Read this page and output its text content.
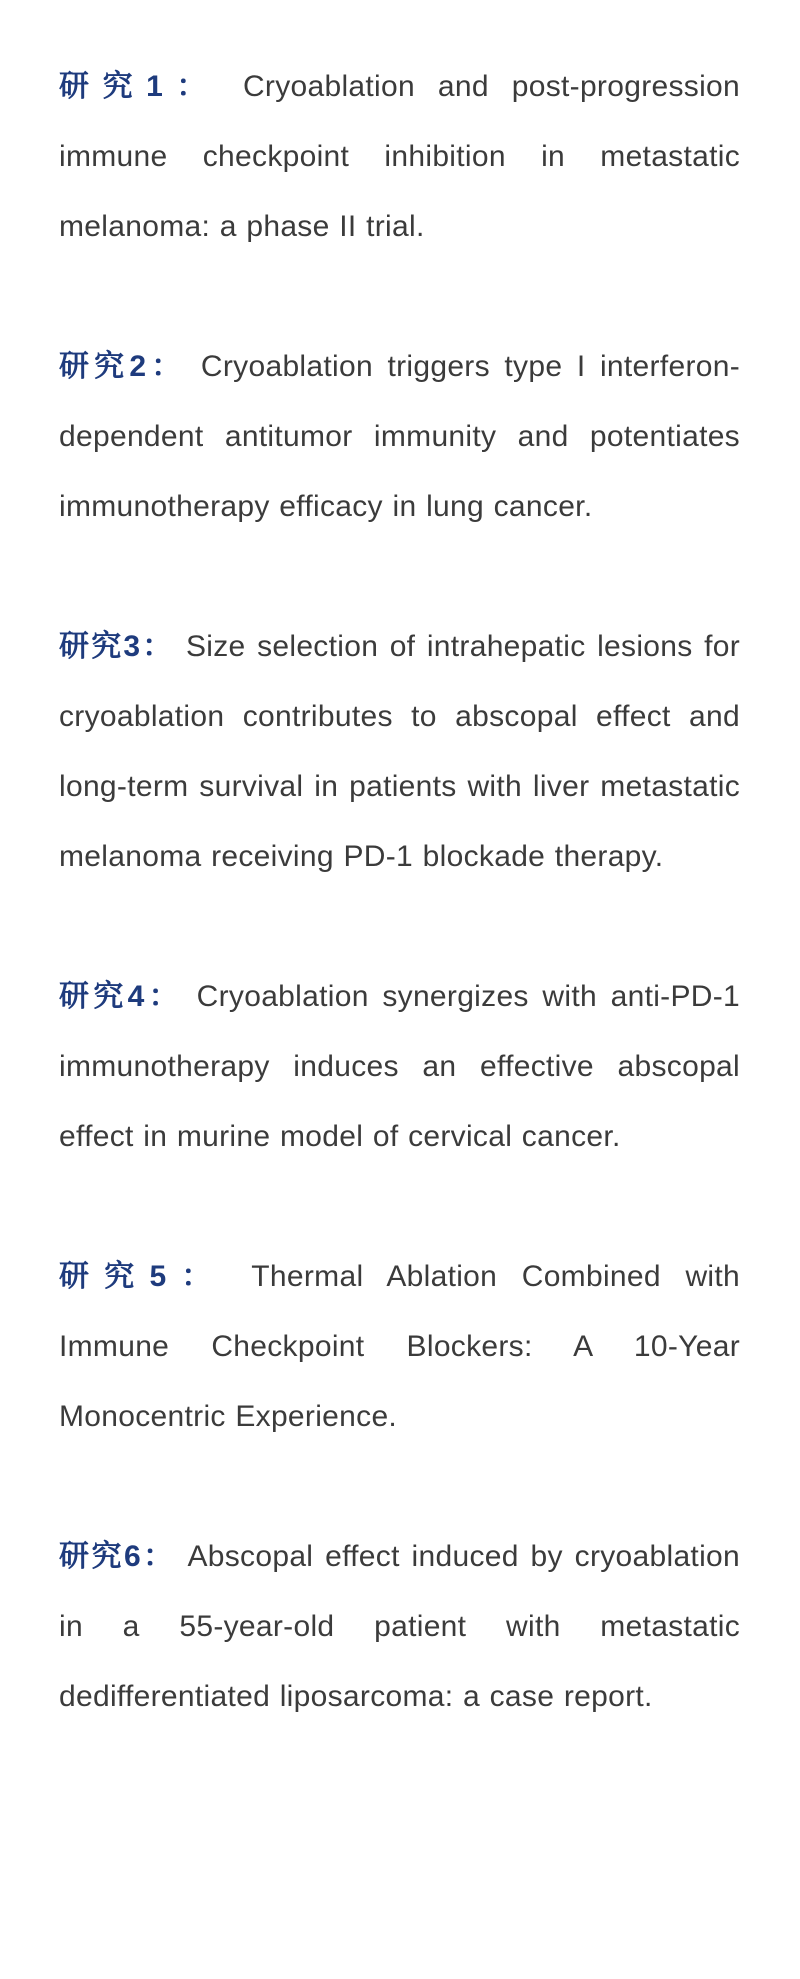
研究1： Cryoablation and post-progression immune checkpoint inhibition in metastatic melanoma: a phase II trial.

研究2： Cryoablation triggers type I interferon-dependent antitumor immunity and potentiates immunotherapy efficacy in lung cancer.

研究3： Size selection of intrahepatic lesions for cryoablation contributes to abscopal effect and long-term survival in patients with liver metastatic melanoma receiving PD-1 blockade therapy.

研究4： Cryoablation synergizes with anti-PD-1 immunotherapy induces an effective abscopal effect in murine model of cervical cancer.

研究5： Thermal Ablation Combined with Immune Checkpoint Blockers: A 10-Year Monocentric Experience.

研究6： Abscopal effect induced by cryoablation in a 55-year-old patient with metastatic dedifferentiated liposarcoma: a case report.
